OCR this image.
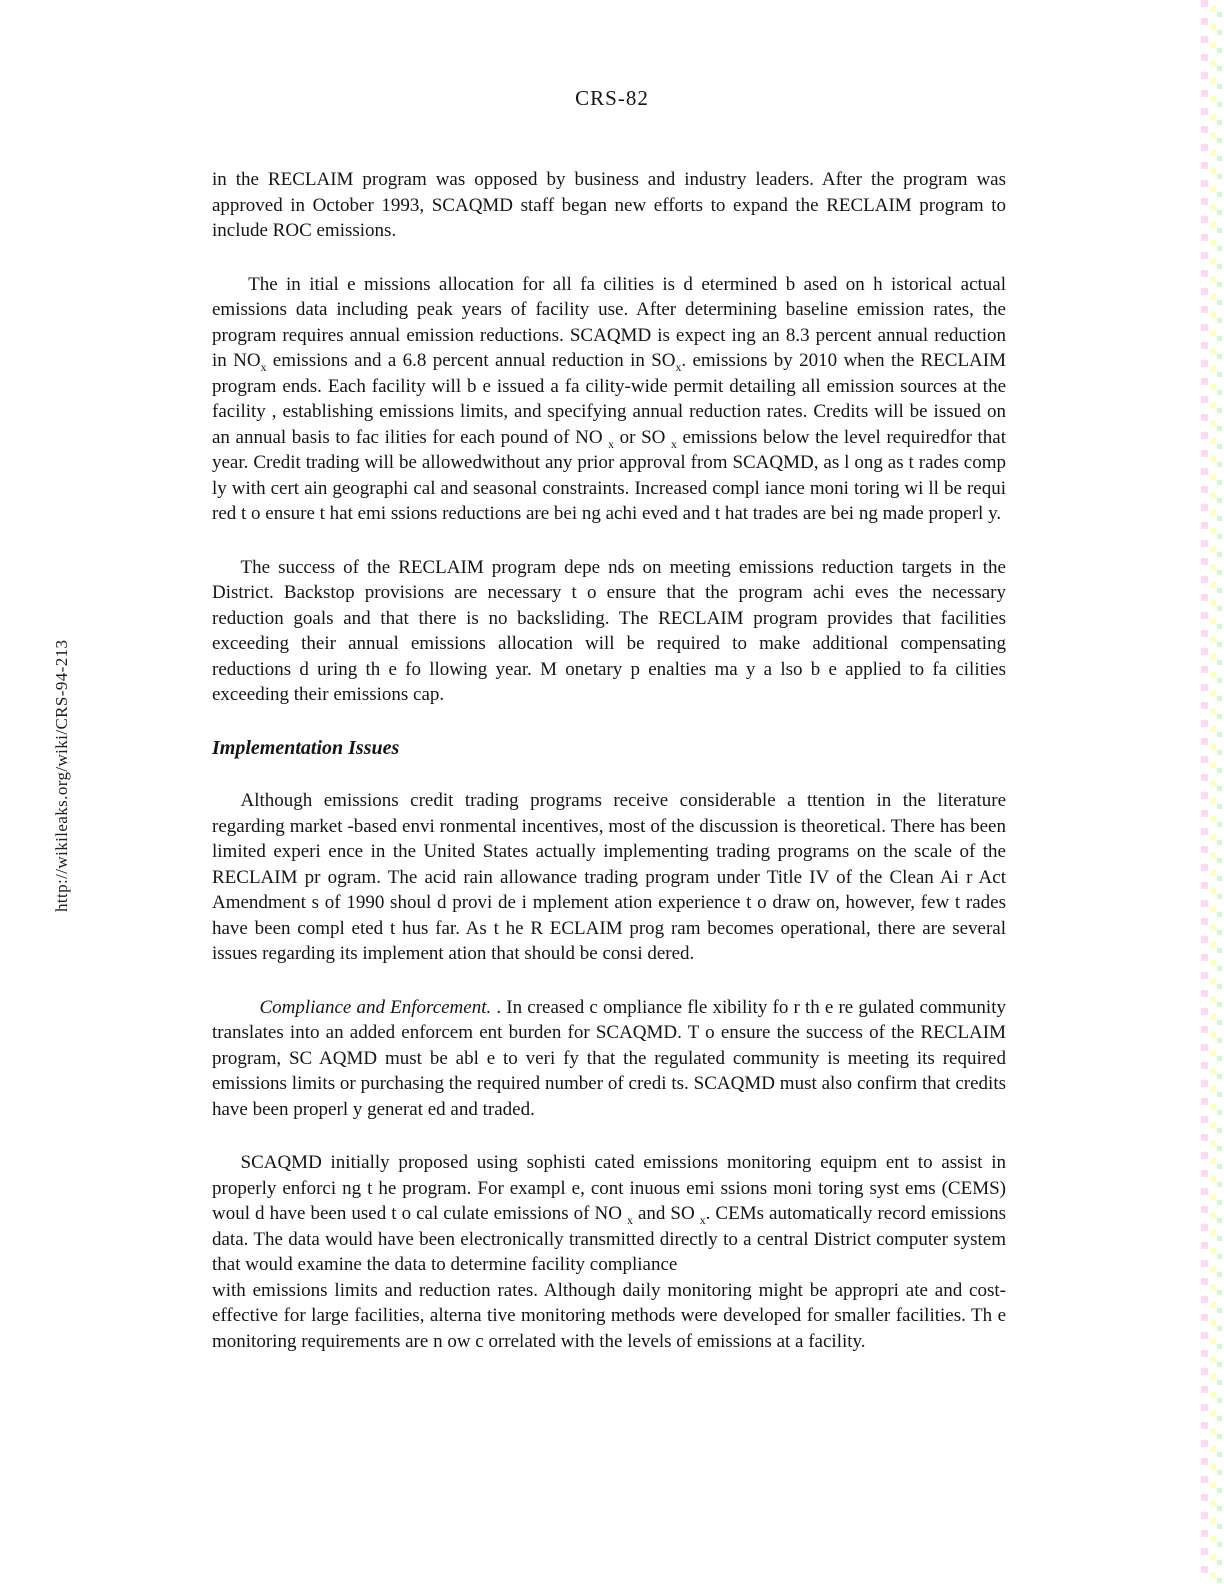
CRS-82
http://wikileaks.org/wiki/CRS-94-213

in the RECLAIM program was opposed by business and industry leaders. After the program was approved in October 1993, SCAQMD staff began new efforts to expand the RECLAIM program to include ROC emissions.

The in itial e missions allocation for all fa cilities is d etermined b ased on h istorical actual emissions data including peak years of facility use. After determining baseline emission rates, the program requires annual emission reductions. SCAQMD is expect ing an 8.3 percent annual reduction in $NO_x$ emissions and a 6.8 percent annual reduction in $SO_x$. emissions by 2010 when the RECLAIM program ends. Each facility will b e issued a fa cility-wide permit detailing all emission sources at the facility , establishing emissions limits, and specifying annual reduction rates. Credits will be issued on an annual basis to fac ilities for each pound of NO $_x$ or SO $_x$ emissions below the level requiredfor that year. Credit trading will be allowedwithout any prior approval from SCAQMD, as l ong as t rades comp ly with cert ain geographi cal and seasonal constraints. Increased compl iance moni toring wi ll be requi red t o ensure t hat emi ssions reductions are bei ng achi eved and t hat trades are bei ng made properl y.

The success of the RECLAIM program depe nds on meeting emissions reduction targets in the District. Backstop provisions are necessary t o ensure that the program achi eves the necessary reduction goals and that there is no backsliding. The RECLAIM program provides that facilities exceeding their annual emissions allocation will be required to make additional compensating reductions d uring th e fo llowing year. M onetary p enalties ma y a lso b e applied to fa cilities exceeding their emissions cap.

Implementation Issues

Although emissions credit trading programs receive considerable a ttention in the literature regarding market -based envi ronmental incentives, most of the discussion is theoretical. There has been limited experi ence in the United States actually implementing trading programs on the scale of the RECLAIM pr ogram. The acid rain allowance trading program under Title IV of the Clean Ai r Act Amendment s of 1990 shoul d provi de i mplement ation experience t o draw on, however, few t rades have been compl eted t hus far. As t he R ECLAIM prog ram becomes operational, there are several issues regarding its implement ation that should be consi dered.

Compliance and Enforcement. . In creased c ompliance fle xibility fo r th e re gulated community translates into an added enforcem ent burden for SCAQMD. T o ensure the success of the RECLAIM program, SC AQMD must be abl e to veri fy that the regulated community is meeting its required emissions limits or purchasing the required number of credi ts. SCAQMD must also confirm that credits have been properl y generat ed and traded.

SCAQMD initially proposed using sophisti cated emissions monitoring equipm ent to assist in properly enforci ng t he program. For exampl e, cont inuous emi ssions moni toring syst ems (CEMS) woul d have been used t o cal culate emissions of NO $_x$ and SO $_x$. CEMs automatically record emissions data. The data would have been electronically transmitted directly to a central District computer system that would examine the data to determine facility compliance
with emissions limits and reduction rates. Although daily monitoring might be appropri ate and cost-effective for large facilities, alterna tive monitoring methods were developed for smaller facilities. Th e monitoring requirements are n ow c orrelated with the levels of emissions at a facility.
